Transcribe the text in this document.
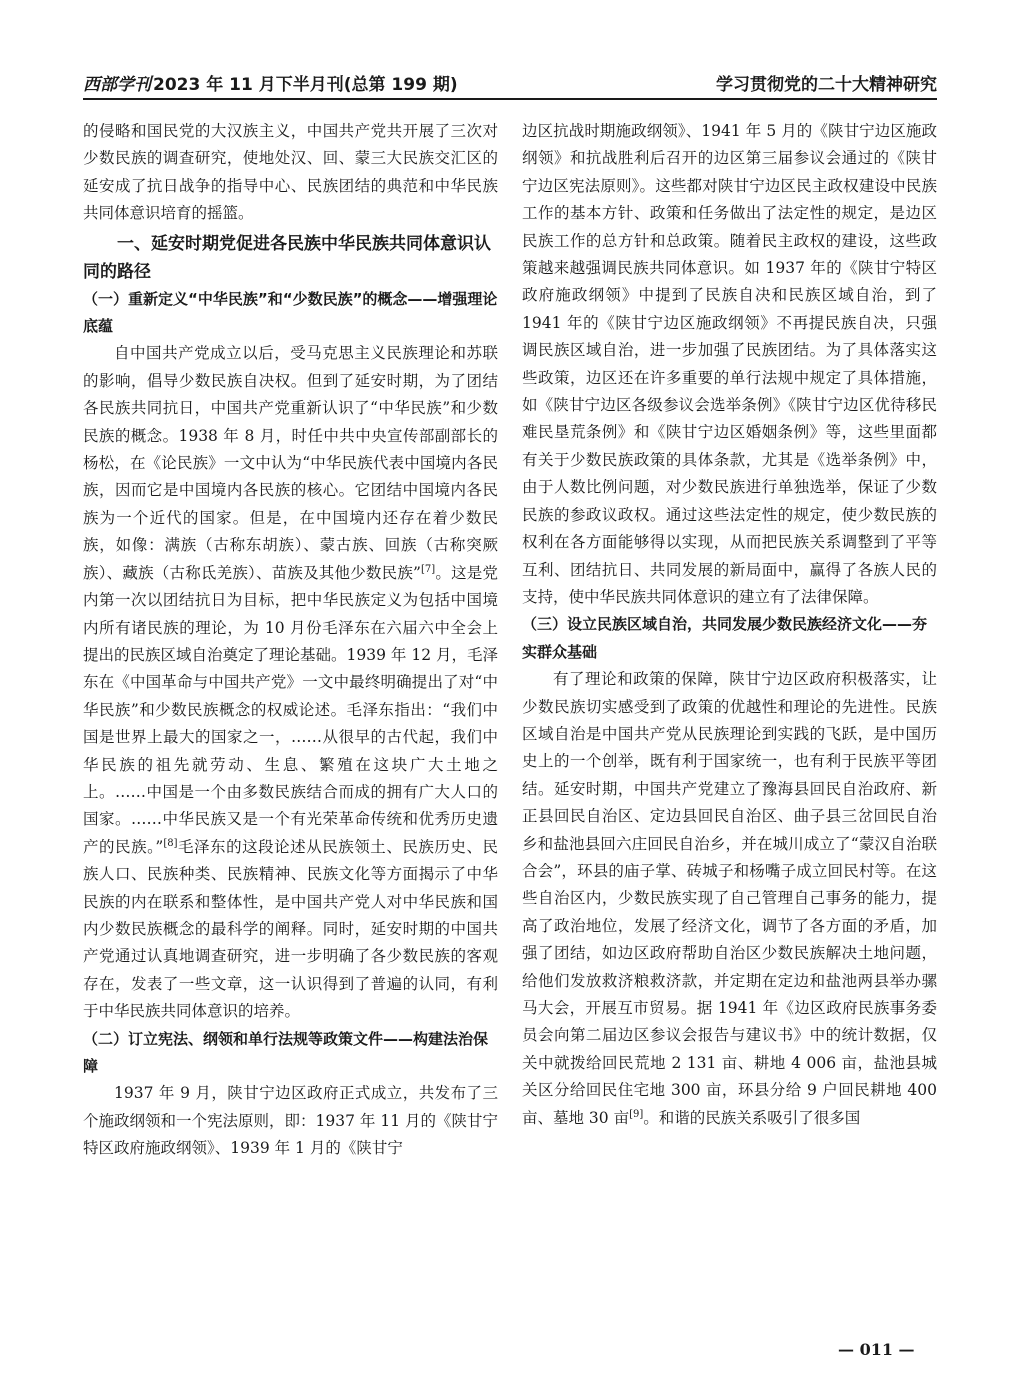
西部学刊 2023 年 11 月下半月刊(总第 199 期)	学习贯彻党的二十大精神研究

的侵略和国民党的大汉族主义，中国共产党共开展了三次对少数民族的调查研究，使地处汉、回、蒙三大民族交汇区的延安成了抗日战争的指导中心、民族团结的典范和中华民族共同体意识培育的摇篮。

一、延安时期党促进各民族中华民族共同体意识认同的路径

（一）重新定义“中华民族”和“少数民族”的概念——增强理论底蕴

自中国共产党成立以后，受马克思主义民族理论和苏联的影响，倡导少数民族自决权。但到了延安时期，为了团结各民族共同抗日，中国共产党重新认识了“中华民族”和少数民族的概念。1938 年 8 月，时任中共中央宣传部副部长的杨松，在《论民族》一文中认为“中华民族代表中国境内各民族，因而它是中国境内各民族的核心。它团结中国境内各民族为一个近代的国家。但是，在中国境内还存在着少数民族，如像：满族（古称东胡族）、蒙古族、回族（古称突厥族）、藏族（古称氐羌族）、苗族及其他少数民族”[7]。这是党内第一次以团结抗日为目标，把中华民族定义为包括中国境内所有诸民族的理论，为 10 月份毛泽东在六届六中全会上提出的民族区域自治奠定了理论基础。1939 年 12 月，毛泽东在《中国革命与中国共产党》一文中最终明确提出了对“中华民族”和少数民族概念的权威论述。毛泽东指出：“我们中国是世界上最大的国家之一，……从很早的古代起，我们中华民族的祖先就劳动、生息、繁殖在这块广大土地之上。……中国是一个由多数民族结合而成的拥有广大人口的国家。……中华民族又是一个有光荣革命传统和优秀历史遗产的民族。”[8]毛泽东的这段论述从民族领土、民族历史、民族人口、民族种类、民族精神、民族文化等方面揭示了中华民族的内在联系和整体性，是中国共产党人对中华民族和国内少数民族概念的最科学的阐释。同时，延安时期的中国共产党通过认真地调查研究，进一步明确了各少数民族的客观存在，发表了一些文章，这一认识得到了普遍的认同，有利于中华民族共同体意识的培养。

（二）订立宪法、纲领和单行法规等政策文件——构建法治保障

1937 年 9 月，陕甘宁边区政府正式成立，共发布了三个施政纲领和一个宪法原则，即：1937 年 11 月的《陕甘宁特区政府施政纲领》、1939 年 1 月的《陕甘宁

边区抗战时期施政纲领》、1941 年 5 月的《陕甘宁边区施政纲领》和抗战胜利后召开的边区第三届参议会通过的《陕甘宁边区宪法原则》。这些都对陕甘宁边区民主政权建设中民族工作的基本方针、政策和任务做出了法定性的规定，是边区民族工作的总方针和总政策。随着民主政权的建设，这些政策越来越强调民族共同体意识。如 1937 年的《陕甘宁特区政府施政纲领》中提到了民族自决和民族区域自治，到了 1941 年的《陕甘宁边区施政纲领》不再提民族自决，只强调民族区域自治，进一步加强了民族团结。为了具体落实这些政策，边区还在许多重要的单行法规中规定了具体措施，如《陕甘宁边区各级参议会选举条例》《陕甘宁边区优待移民难民垦荒条例》和《陕甘宁边区婚姻条例》等，这些里面都有关于少数民族政策的具体条款，尤其是《选举条例》中，由于人数比例问题，对少数民族进行单独选举，保证了少数民族的参政议政权。通过这些法定性的规定，使少数民族的权利在各方面能够得以实现，从而把民族关系调整到了平等互利、团结抗日、共同发展的新局面中，赢得了各族人民的支持，使中华民族共同体意识的建立有了法律保障。

（三）设立民族区域自治，共同发展少数民族经济文化——夯实群众基础

有了理论和政策的保障，陕甘宁边区政府积极落实，让少数民族切实感受到了政策的优越性和理论的先进性。民族区域自治是中国共产党从民族理论到实践的飞跃，是中国历史上的一个创举，既有利于国家统一，也有利于民族平等团结。延安时期，中国共产党建立了豫海县回民自治政府、新正县回民自治区、定边县回民自治区、曲子县三岔回民自治乡和盐池县回六庄回民自治乡，并在城川成立了“蒙汉自治联合会”，环县的庙子掌、砖城子和杨嘴子成立回民村等。在这些自治区内，少数民族实现了自己管理自己事务的能力，提高了政治地位，发展了经济文化，调节了各方面的矛盾，加强了团结，如边区政府帮助自治区少数民族解决土地问题，给他们发放救济粮救济款，并定期在定边和盐池两县举办骡马大会，开展互市贸易。据 1941 年《边区政府民族事务委员会向第二届边区参议会报告与建议书》中的统计数据，仅关中就拨给回民荒地 2 131 亩、耕地 4 006 亩，盐池县城关区分给回民住宅地 300 亩，环县分给 9 户回民耕地 400 亩、墓地 30 亩[9]。和谐的民族关系吸引了很多国

— 011 —
